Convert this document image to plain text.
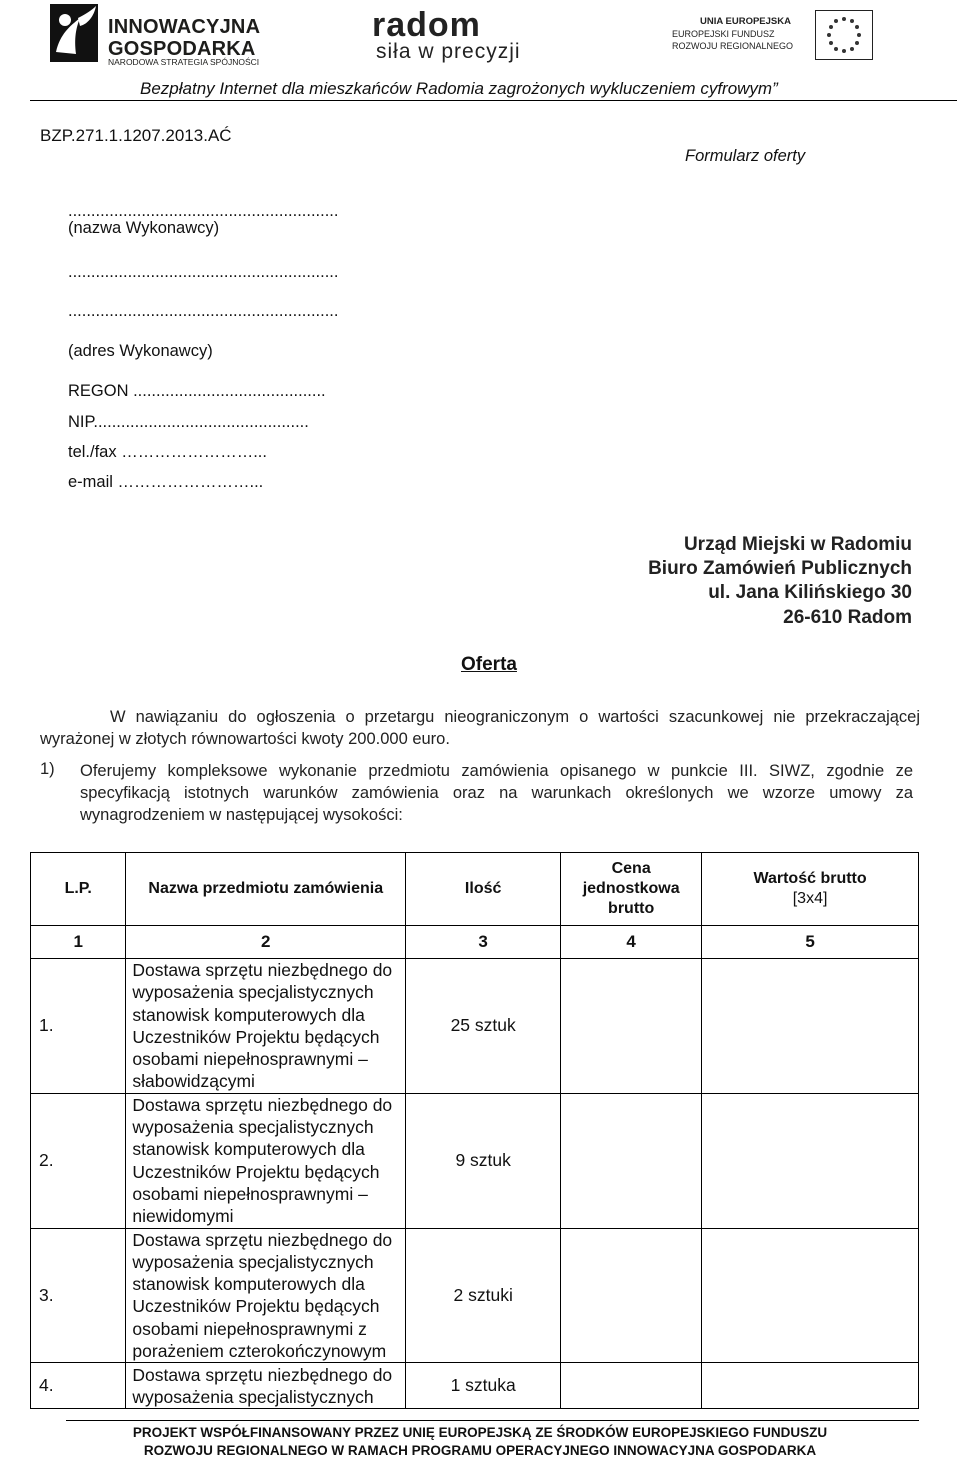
INNOWACYJNA
GOSPODARKA
NARODOWA STRATEGIA SPÓJNOŚCI
radom
siła w precyzji
UNIA EUROPEJSKA
EUROPEJSKI FUNDUSZ
ROZWOJU REGIONALNEGO
Bezpłatny Internet dla mieszkańców Radomia zagrożonych wykluczeniem cyfrowym”
BZP.271.1.1207.2013.AĆ
Formularz oferty
...........................................................
(nazwa Wykonawcy)
...........................................................
...........................................................
(adres Wykonawcy)
REGON ..........................................
NIP...............................................
tel./fax ……………………...
e-mail ……………………...
Urząd Miejski w Radomiu
Biuro Zamówień Publicznych
ul. Jana Kilińskiego 30
26-610 Radom
Oferta
W nawiązaniu do ogłoszenia o przetargu nieograniczonym o wartości szacunkowej nie przekraczającej wyrażonej w złotych równowartości kwoty 200.000 euro.
1) Oferujemy kompleksowe wykonanie przedmiotu zamówienia opisanego w punkcie III. SIWZ, zgodnie ze specyfikacją istotnych warunków zamówienia oraz na warunkach określonych we wzorze umowy za wynagrodzeniem w następującej wysokości:
L.P.	Nazwa przedmiotu zamówienia	Ilość	Cena jednostkowa brutto	Wartość brutto
[3x4]

1	2	3	4	5
1.	Dostawa sprzętu niezbędnego do wyposażenia specjalistycznych stanowisk komputerowych dla Uczestników Projektu będących osobami niepełnosprawnymi – słabowidzącymi	25 sztuk		
2.	Dostawa sprzętu niezbędnego do wyposażenia specjalistycznych stanowisk komputerowych dla Uczestników Projektu będących osobami niepełnosprawnymi – niewidomymi	9 sztuk		
3.	Dostawa sprzętu niezbędnego do wyposażenia specjalistycznych stanowisk komputerowych dla Uczestników Projektu będących osobami niepełnosprawnymi z porażeniem czterokończynowym	2 sztuki		
4.	Dostawa sprzętu niezbędnego do wyposażenia specjalistycznych	1 sztuka		
PROJEKT WSPÓŁFINANSOWANY PRZEZ UNIĘ EUROPEJSKĄ ZE ŚRODKÓW EUROPEJSKIEGO FUNDUSZU
ROZWOJU REGIONALNEGO W RAMACH PROGRAMU OPERACYJNEGO INNOWACYJNA GOSPODARKA
